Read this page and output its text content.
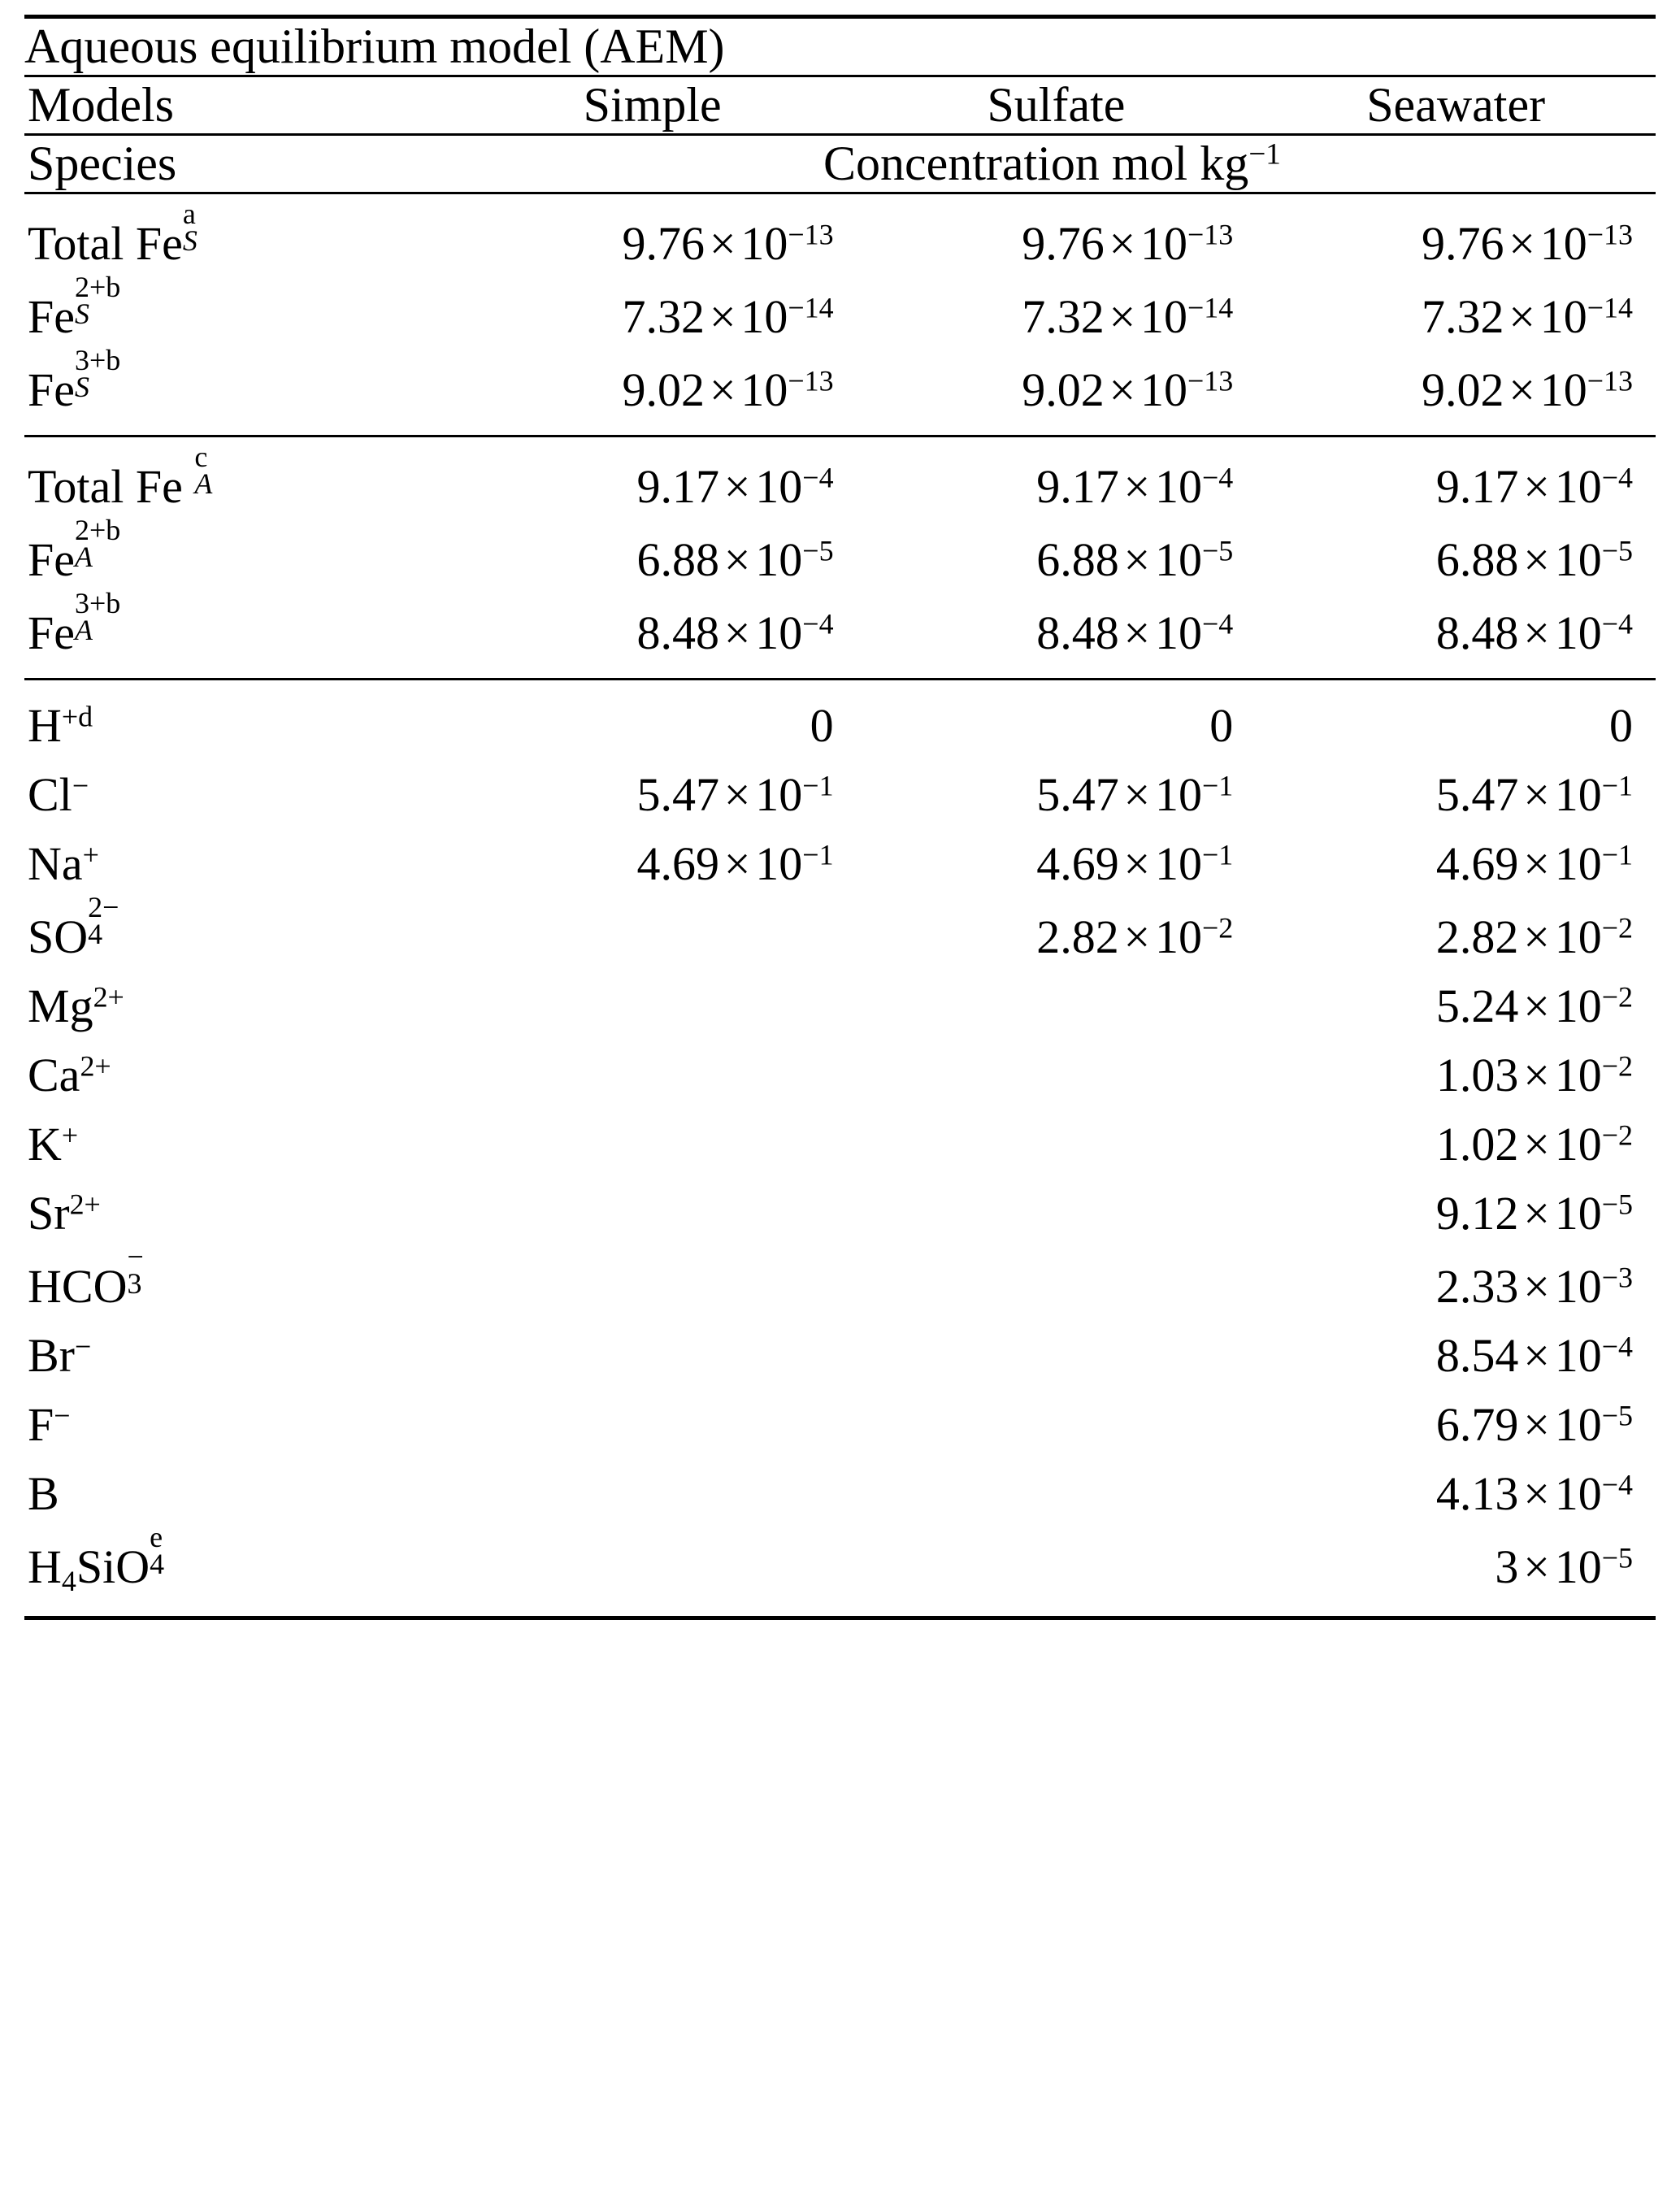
Aqueous equilibrium model (AEM)			

Models	Simple	Sulfate	Seawater

Species	Concentration mol $kg^{-1}$

Total Fe
a
S	$9.76\times 10^{-13}$	$9.76\times 10^{-13}$	$9.76\times 10^{-13}$
Fe
2+b
S	$7.32\times 10^{-14}$	$7.32\times 10^{-14}$	$7.32\times 10^{-14}$
Fe
3+b
S	$9.02\times 10^{-13}$	$9.02\times 10^{-13}$	$9.02\times 10^{-13}$

Total Fe
c
A	$9.17\times 10^{-4}$	$9.17\times 10^{-4}$	$9.17\times 10^{-4}$
Fe
2+b
A	$6.88\times 10^{-5}$	$6.88\times 10^{-5}$	$6.88\times 10^{-5}$
Fe
3+b
A	$8.48\times 10^{-4}$	$8.48\times 10^{-4}$	$8.48\times 10^{-4}$

$H^{+d}$	0	0	0
Cl−	$5.47\times 10^{-1}$	$5.47\times 10^{-1}$	$5.47\times 10^{-1}$
Na+	$4.69\times 10^{-1}$	$4.69\times 10^{-1}$	$4.69\times 10^{-1}$
SO
2−
4		$2.82\times 10^{-2}$	$2.82\times 10^{-2}$
$Mg^{2+}$			$5.24\times 10^{-2}$
$Ca^{2+}$			$1.03\times 10^{-2}$
K+			$1.02\times 10^{-2}$
$Sr^{2+}$			$9.12\times 10^{-5}$
HCO
−
3			$2.33\times 10^{-3}$
Br−			$8.54\times 10^{-4}$
F−			$6.79\times 10^{-5}$
B			$4.13\times 10^{-4}$
$H_4SiO$
e
4			$3\times 10^{-5}$
